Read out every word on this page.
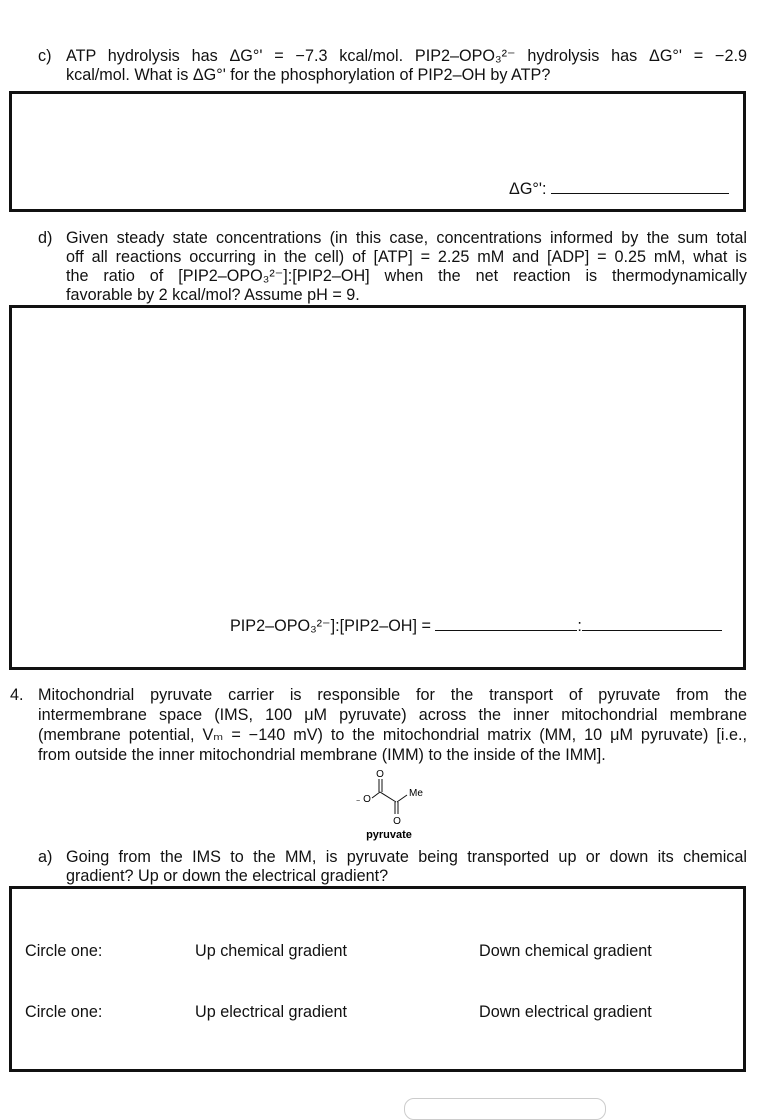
c) ATP hydrolysis has ΔG°' = −7.3 kcal/mol. PIP2–OPO₃²⁻ hydrolysis has ΔG°' = −2.9
kcal/mol. What is ΔG°' for the phosphorylation of PIP2–OH by ATP?
ΔG°':
d) Given steady state concentrations (in this case, concentrations informed by the sum total
off all reactions occurring in the cell) of [ATP] = 2.25 mM and [ADP] = 0.25 mM, what is
the ratio of [PIP2–OPO₃²⁻]:[PIP2–OH] when the net reaction is thermodynamically
favorable by 2 kcal/mol? Assume pH = 9.
PIP2–OPO₃²⁻]:[PIP2–OH] =	:
4. Mitochondrial pyruvate carrier is responsible for the transport of pyruvate from the
intermembrane space (IMS, 100 μM pyruvate) across the inner mitochondrial membrane
(membrane potential, Vₘ = −140 mV) to the mitochondrial matrix (MM, 10 μM pyruvate) [i.e.,
from outside the inner mitochondrial membrane (IMM) to the inside of the IMM].
O
− O
Me
O
pyruvate
a) Going from the IMS to the MM, is pyruvate being transported up or down its chemical
gradient? Up or down the electrical gradient?
Circle one:	Up chemical gradient	Down chemical gradient
Circle one:	Up electrical gradient	Down electrical gradient
